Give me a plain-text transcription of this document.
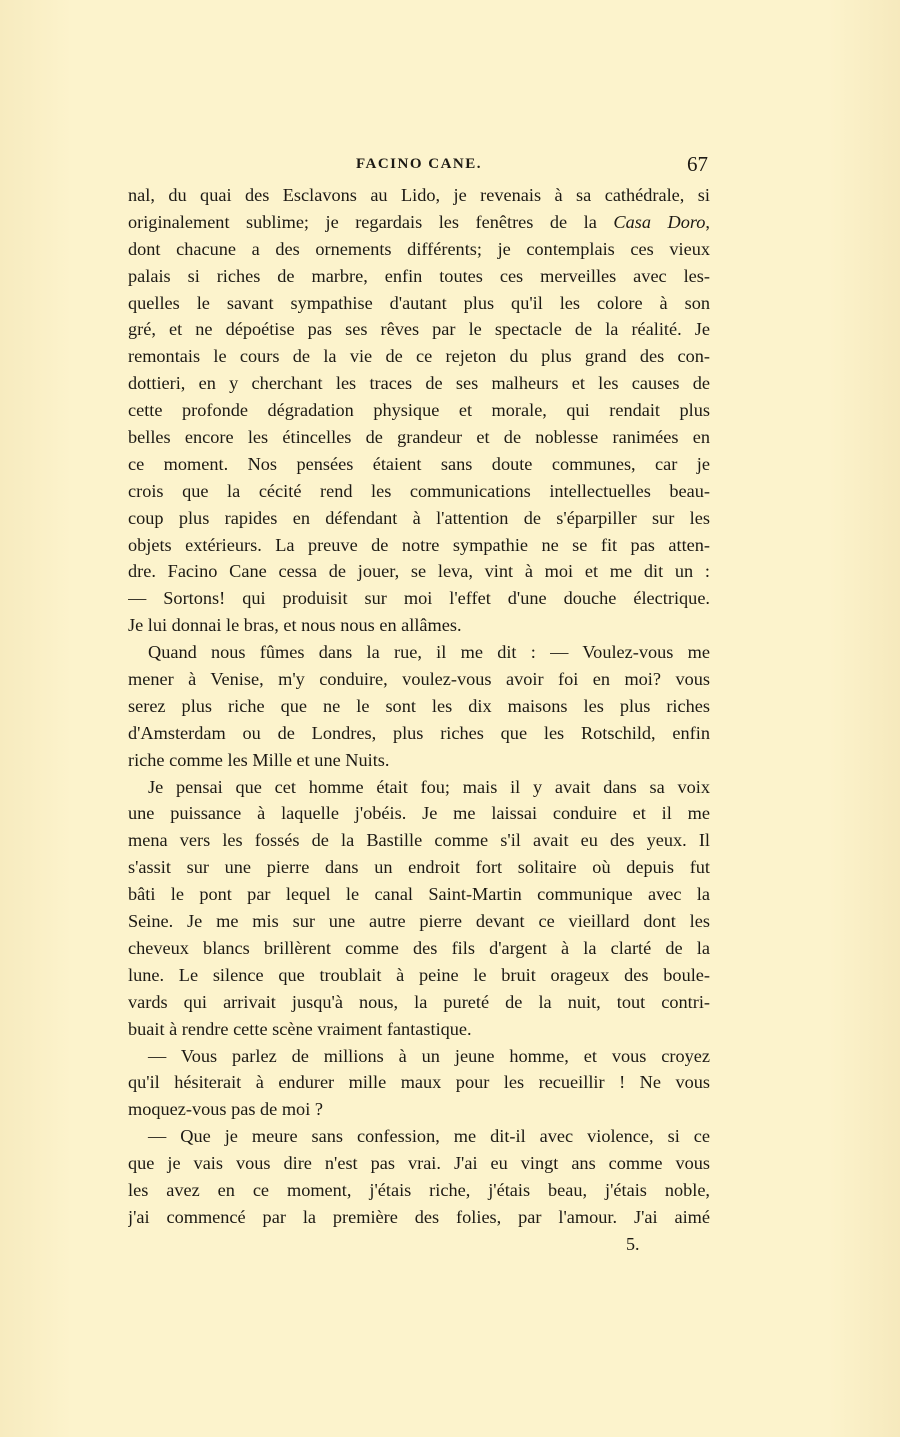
FACINO CANE.	67
nal, du quai des Esclavons au Lido, je revenais à sa cathédrale, si
originalement sublime; je regardais les fenêtres de la Casa Doro,
dont chacune a des ornements différents; je contemplais ces vieux
palais si riches de marbre, enfin toutes ces merveilles avec les-
quelles le savant sympathise d'autant plus qu'il les colore à son
gré, et ne dépoétise pas ses rêves par le spectacle de la réalité. Je
remontais le cours de la vie de ce rejeton du plus grand des con-
dottieri, en y cherchant les traces de ses malheurs et les causes de
cette profonde dégradation physique et morale, qui rendait plus
belles encore les étincelles de grandeur et de noblesse ranimées en
ce moment. Nos pensées étaient sans doute communes, car je
crois que la cécité rend les communications intellectuelles beau-
coup plus rapides en défendant à l'attention de s'éparpiller sur les
objets extérieurs. La preuve de notre sympathie ne se fit pas atten-
dre. Facino Cane cessa de jouer, se leva, vint à moi et me dit un :
— Sortons! qui produisit sur moi l'effet d'une douche électrique.
Je lui donnai le bras, et nous nous en allâmes.
Quand nous fûmes dans la rue, il me dit : — Voulez-vous me
mener à Venise, m'y conduire, voulez-vous avoir foi en moi? vous
serez plus riche que ne le sont les dix maisons les plus riches
d'Amsterdam ou de Londres, plus riches que les Rotschild, enfin
riche comme les Mille et une Nuits.
Je pensai que cet homme était fou; mais il y avait dans sa voix
une puissance à laquelle j'obéis. Je me laissai conduire et il me
mena vers les fossés de la Bastille comme s'il avait eu des yeux. Il
s'assit sur une pierre dans un endroit fort solitaire où depuis fut
bâti le pont par lequel le canal Saint-Martin communique avec la
Seine. Je me mis sur une autre pierre devant ce vieillard dont les
cheveux blancs brillèrent comme des fils d'argent à la clarté de la
lune. Le silence que troublait à peine le bruit orageux des boule-
vards qui arrivait jusqu'à nous, la pureté de la nuit, tout contri-
buait à rendre cette scène vraiment fantastique.
— Vous parlez de millions à un jeune homme, et vous croyez
qu'il hésiterait à endurer mille maux pour les recueillir ! Ne vous
moquez-vous pas de moi ?
— Que je meure sans confession, me dit-il avec violence, si ce
que je vais vous dire n'est pas vrai. J'ai eu vingt ans comme vous
les avez en ce moment, j'étais riche, j'étais beau, j'étais noble,
j'ai commencé par la première des folies, par l'amour. J'ai aimé
5.
